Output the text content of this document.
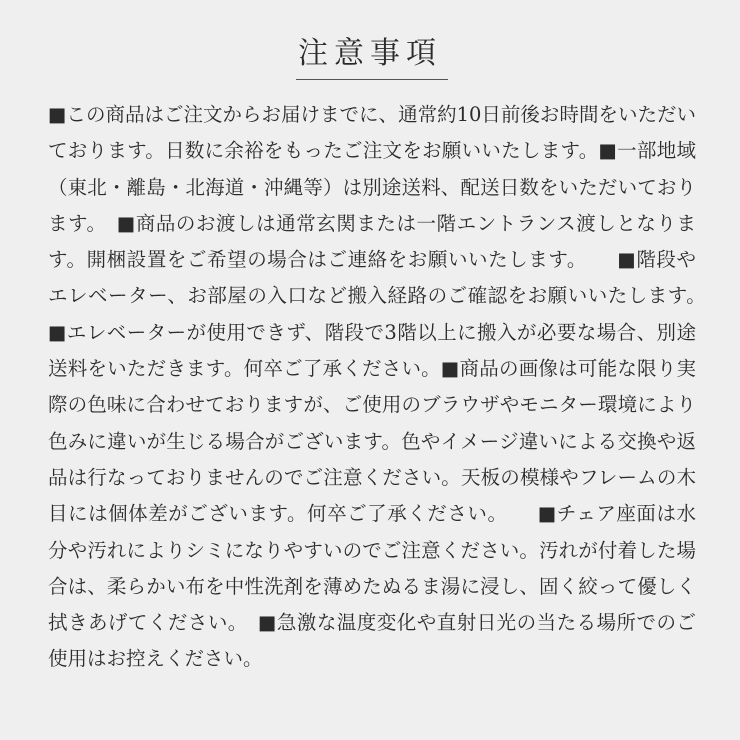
注意事項

■この商品はご注文からお届けまでに、通常約10日前後お時間をいただいております。日数に余裕をもったご注文をお願いいたします。■一部地域（東北・離島・北海道・沖縄等）は別途送料、配送日数をいただいております。　■商品のお渡しは通常玄関または一階エントランス渡しとなります。開梱設置をご希望の場合はご連絡をお願いいたします。　　■階段やエレベーター、お部屋の入口など搬入経路のご確認をお願いいたします。　　■エレベーターが使用できず、階段で3階以上に搬入が必要な場合、別途送料をいただきます。何卒ご了承ください。■商品の画像は可能な限り実際の色味に合わせておりますが、ご使用のブラウザやモニター環境により色みに違いが生じる場合がございます。色やイメージ違いによる交換や返品は行なっておりませんのでご注意ください。天板の模様やフレームの木目には個体差がございます。何卒ご了承ください。　　■チェア座面は水分や汚れによりシミになりやすいのでご注意ください。汚れが付着した場合は、柔らかい布を中性洗剤を薄めたぬるま湯に浸し、固く絞って優しく拭きあげてください。　■急激な温度変化や直射日光の当たる場所でのご使用はお控えください。
